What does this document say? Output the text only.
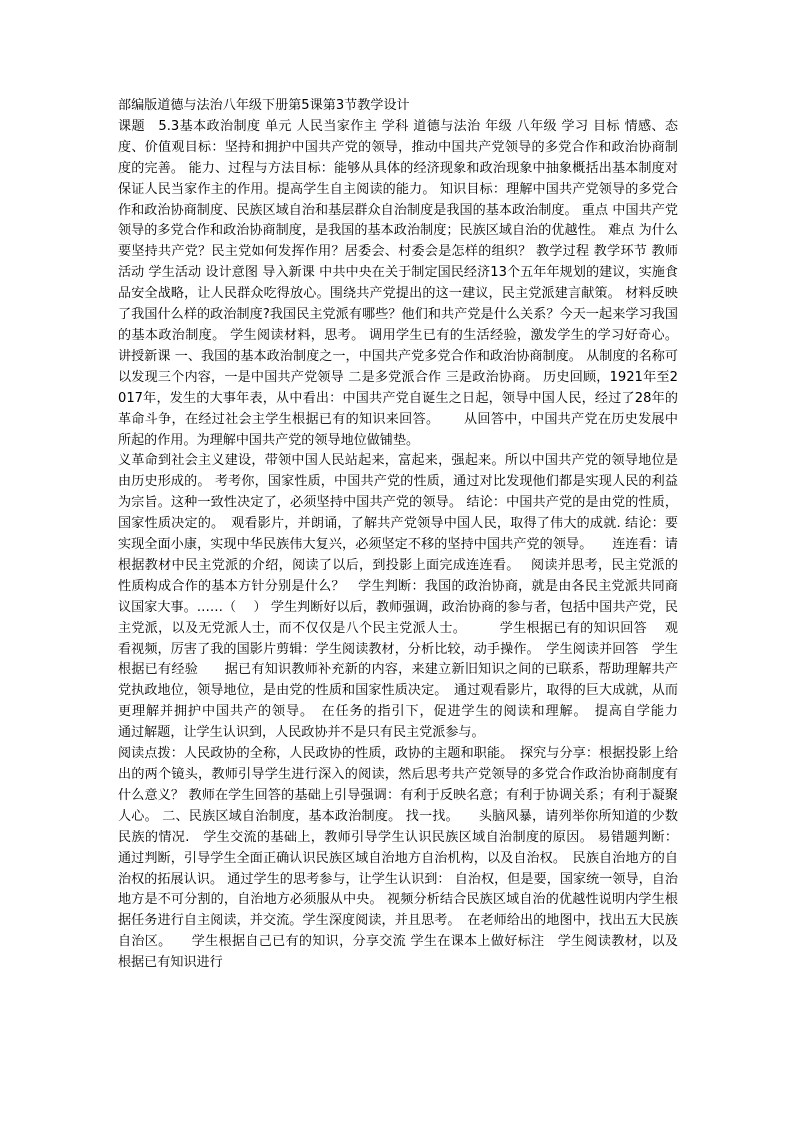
部编版道德与法治八年级下册第5课第3节教学设计

课题　5.3基本政治制度 单元 人民当家作主 学科 道德与法治 年级 八年级 学习 目标 情感、态度、价值观目标：坚持和拥护中国共产党的领导，推动中国共产党领导的多党合作和政治协商制度的完善。 能力、过程与方法目标：能够从具体的经济现象和政治现象中抽象概括出基本制度对保证人民当家作主的作用。提高学生自主阅读的能力。 知识目标：理解中国共产党领导的多党合作和政治协商制度、民族区域自治和基层群众自治制度是我国的基本政治制度。 重点 中国共产党领导的多党合作和政治协商制度，是我国的基本政治制度；民族区域自治的优越性。 难点 为什么要坚持共产党？民主党如何发挥作用？居委会、村委会是怎样的组织？ 教学过程 教学环节 教师活动 学生活动 设计意图 导入新课 中共中央在关于制定国民经济13个五年年规划的建议，实施食品安全战略，让人民群众吃得放心。围绕共产党提出的这一建议，民主党派建言献策。 材料反映了我国什么样的政治制度?我国民主党派有哪些？他们和共产党是什么关系？今天一起来学习我国的基本政治制度。 学生阅读材料，思考。 调用学生已有的生活经验，激发学生的学习好奇心。 讲授新课 一、我国的基本政治制度之一，中国共产党多党合作和政治协商制度。 从制度的名称可以发现三个内容，一是中国共产党领导 二是多党派合作 三是政治协商。 历史回顾，1921年至2017年，发生的大事年表，从中看出：中国共产党自诞生之日起，领导中国人民，经过了28年的革命斗争，在经过社会主学生根据已有的知识来回答。　　 从回答中，中国共产党在历史发展中所起的作用。为理解中国共产党的领导地位做铺垫。

义革命到社会主义建设，带领中国人民站起来，富起来，强起来。所以中国共产党的领导地位是由历史形成的。 考考你，国家性质，中国共产党的性质，通过对比发现他们都是实现人民的利益为宗旨。这种一致性决定了，必须坚持中国共产党的领导。 结论：中国共产党的是由党的性质，国家性质决定的。　观看影片，并朗诵，了解共产党领导中国人民，取得了伟大的成就. 结论：要实现全面小康，实现中华民族伟大复兴，必须坚定不移的坚持中国共产党的领导。　　连连看：请根据教材中民主党派的介绍，阅读了以后，到投影上面完成连连看。　 阅读并思考，民主党派的性质构成合作的基本方针分别是什么？　学生判断：我国的政治协商，就是由各民主党派共同商议国家大事。……（　 ） 学生判断好以后，教师强调，政治协商的参与者，包括中国共产党，民主党派，以及无党派人士，而不仅仅是八个民主党派人士。　　　学生根据已有的知识回答　 观看视频，厉害了我的国影片剪辑：学生阅读教材，分析比较，动手操作。　学生阅读并回答　学生根据已有经验　　据已有知识教师补充新的内容，来建立新旧知识之间的已联系，帮助理解共产党执政地位，领导地位，是由党的性质和国家性质决定。　通过观看影片，取得的巨大成就，从而更理解并拥护中国共产的领导。　在任务的指引下，促进学生的阅读和理解。　提高自学能力　　通过解题，让学生认识到，人民政协并不是只有民主党派参与。

阅读点拨：人民政协的全称，人民政协的性质，政协的主题和职能。　探究与分享：根据投影上给出的两个镜头，教师引导学生进行深入的阅读，然后思考共产党领导的多党合作政治协商制度有什么意义？ 教师在学生回答的基础上引导强调：有利于反映名意；有利于协调关系；有利于凝聚人心。 二、民族区域自治制度，基本政治制度。 找一找。　　头脑风暴，请列举你所知道的少数民族的情况.　学生交流的基础上，教师引导学生认识民族区域自治制度的原因。 易错题判断： 通过判断，引导学生全面正确认识民族区域自治地方自治机构，以及自治权。　民族自治地方的自治权的拓展认识。 通过学生的思考参与，让学生认识到： 自治权，但是要，国家统一领导，自治地方是不可分割的，自治地方必须服从中央。 视频分析结合民族区域自治的优越性说明内学生根据任务进行自主阅读，并交流。学生深度阅读，并且思考。　在老师给出的地图中，找出五大民族自治区。　　学生根据自己已有的知识，分享交流 学生在课本上做好标注　学生阅读教材，以及根据已有知识进行
